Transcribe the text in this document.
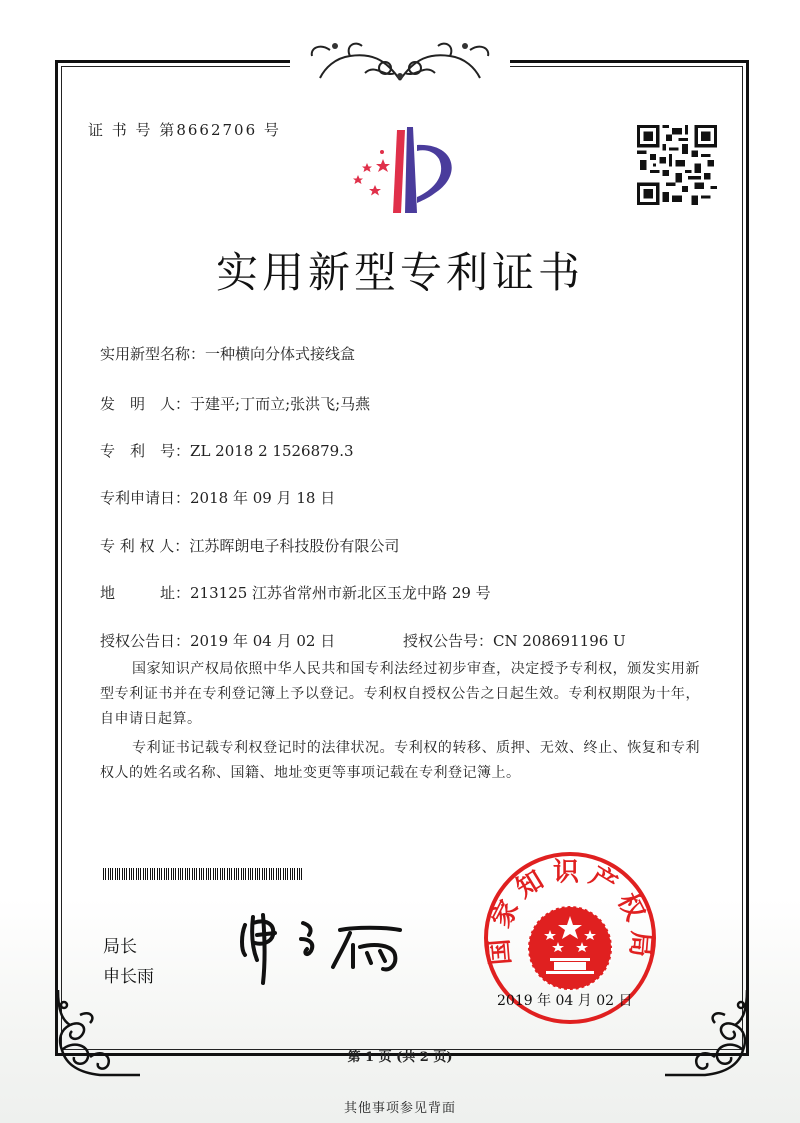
证 书 号 第8662706 号
实用新型专利证书
实用新型名称：一种横向分体式接线盒
发　明　人：于建平;丁而立;张洪飞;马燕
专　利　号：ZL 2018 2 1526879.3
专利申请日：2018 年 09 月 18 日
专 利 权 人：江苏晖朗电子科技股份有限公司
地　　　址：213125 江苏省常州市新北区玉龙中路 29 号
授权公告日：2019 年 04 月 02 日	授权公告号：CN 208691196 U
国家知识产权局依照中华人民共和国专利法经过初步审查，决定授予专利权，颁发实用新型专利证书并在专利登记簿上予以登记。专利权自授权公告之日起生效。专利权期限为十年，自申请日起算。
专利证书记载专利权登记时的法律状况。专利权的转移、质押、无效、终止、恢复和专利权人的姓名或名称、国籍、地址变更等事项记载在专利登记簿上。
局长
申长雨
国家知识产权局
2019 年 04 月 02 日
第 1 页 (共 2 页)
其他事项参见背面
